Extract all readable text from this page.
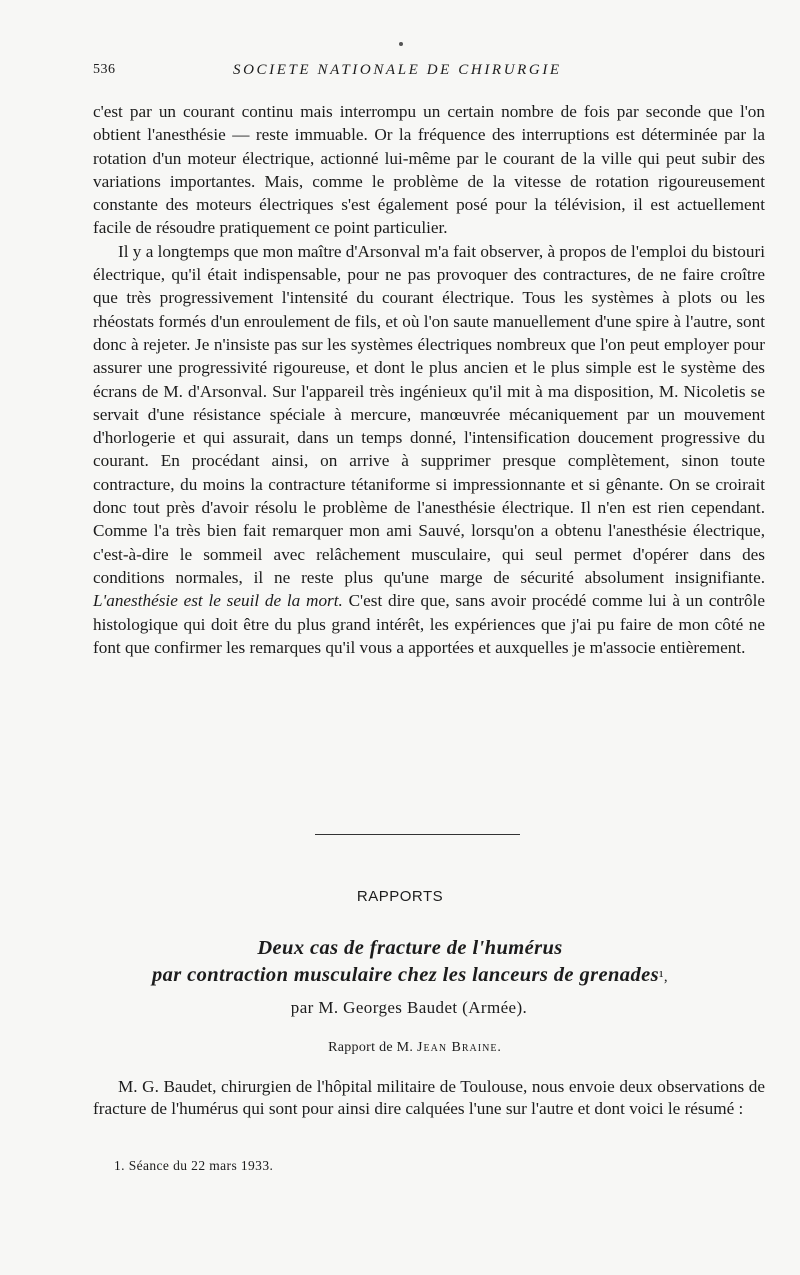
536	SOCIETE NATIONALE DE CHIRURGIE

c'est par un courant continu mais interrompu un certain nombre de fois par seconde que l'on obtient l'anesthésie — reste immuable. Or la fréquence des interruptions est déterminée par la rotation d'un moteur électrique, actionné lui-même par le courant de la ville qui peut subir des variations importantes. Mais, comme le problème de la vitesse de rotation rigoureusement constante des moteurs électriques s'est également posé pour la télévision, il est actuellement facile de résoudre pratiquement ce point particulier.

Il y a longtemps que mon maître d'Arsonval m'a fait observer, à propos de l'emploi du bistouri électrique, qu'il était indispensable, pour ne pas provoquer des contractures, de ne faire croître que très progressivement l'intensité du courant électrique. Tous les systèmes à plots ou les rhéostats formés d'un enroulement de fils, et où l'on saute manuellement d'une spire à l'autre, sont donc à rejeter. Je n'insiste pas sur les systèmes électriques nombreux que l'on peut employer pour assurer une progressivité rigoureuse, et dont le plus ancien et le plus simple est le système des écrans de M. d'Arsonval. Sur l'appareil très ingénieux qu'il mit à ma disposition, M. Nicoletis se servait d'une résistance spéciale à mercure, manœuvrée mécaniquement par un mouvement d'horlogerie et qui assurait, dans un temps donné, l'intensification doucement progressive du courant. En procédant ainsi, on arrive à supprimer presque complètement, sinon toute contracture, du moins la contracture tétaniforme si impressionnante et si gênante. On se croirait donc tout près d'avoir résolu le problème de l'anesthésie électrique. Il n'en est rien cependant. Comme l'a très bien fait remarquer mon ami Sauvé, lorsqu'on a obtenu l'anesthésie électrique, c'est-à-dire le sommeil avec relâchement musculaire, qui seul permet d'opérer dans des conditions normales, il ne reste plus qu'une marge de sécurité absolument insignifiante. L'anesthésie est le seuil de la mort. C'est dire que, sans avoir procédé comme lui à un contrôle histologique qui doit être du plus grand intérêt, les expériences que j'ai pu faire de mon côté ne font que confirmer les remarques qu'il vous a apportées et auxquelles je m'associe entièrement.

RAPPORTS
Deux cas de fracture de l'humérus
par contraction musculaire chez les lanceurs de grenades¹,
par M. Georges Baudet (Armée).
Rapport de M. Jean Braine.
M. G. Baudet, chirurgien de l'hôpital militaire de Toulouse, nous envoie deux observations de fracture de l'humérus qui sont pour ainsi dire calquées l'une sur l'autre et dont voici le résumé :
1. Séance du 22 mars 1933.
